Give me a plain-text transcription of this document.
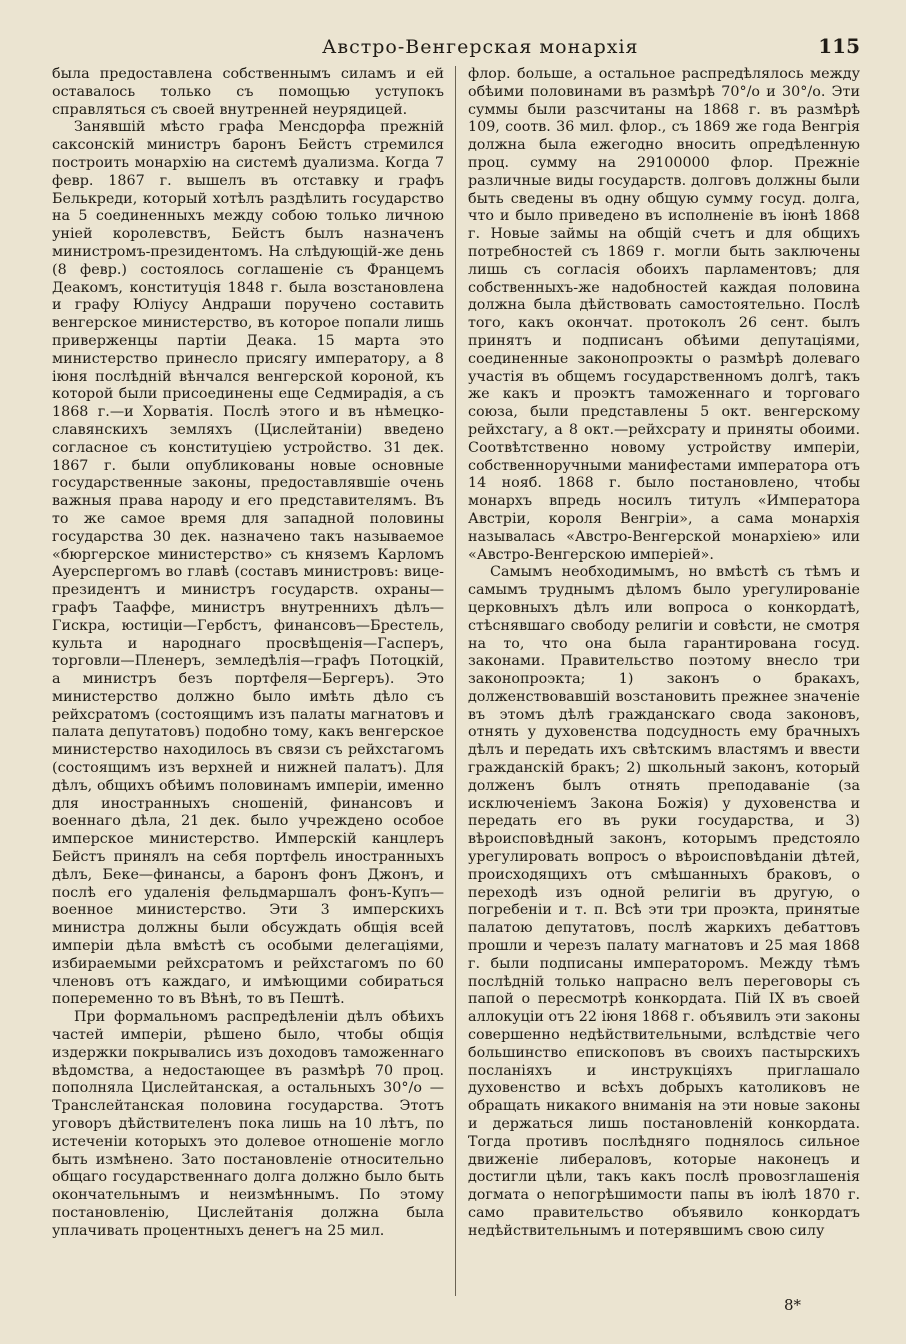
Австро-Венгерская монархія	115

была предоставлена собственнымъ силамъ и ей оставалось только съ помощью уступокъ справляться съ своей внутренней неурядицей.

Занявшій мѣсто графа Менсдорфа прежній саксонскій министръ баронъ Бейстъ стремился построить монархію на системѣ дуализма. Когда 7 февр. 1867 г. вышелъ въ отставку и графъ Белькреди, который хотѣлъ раздѣлить государство на 5 соединенныхъ между собою только личною уніей королевствъ, Бейстъ былъ назначенъ министромъ-президентомъ. На слѣдующій-же день (8 февр.) состоялось соглашеніе съ Францемъ Деакомъ, конституція 1848 г. была возстановлена и графу Юліусу Андраши поручено составить венгерское министерство, въ которое попали лишь приверженцы партіи Деака. 15 марта это министерство принесло присягу императору, а 8 іюня послѣдній вѣнчался венгерской короной, къ которой были присоединены еще Седмирадія, а съ 1868 г.—и Хорватія. Послѣ этого и въ нѣмецко-славянскихъ земляхъ (Цислейтаніи) введено согласное съ конституціею устройство. 31 дек. 1867 г. были опубликованы новые основные государственные законы, предоставлявшіе очень важныя права народу и его представителямъ. Въ то же самое время для западной половины государства 30 дек. назначено такъ называемое «бюргерское министерство» съ княземъ Карломъ Ауерспергомъ во главѣ (составъ министровъ: вице-президентъ и министръ государств. охраны—графъ Тааффе, министръ внутреннихъ дѣлъ—Гискра, юстиціи—Гербстъ, финансовъ—Брестель, культа и народнаго просвѣщенія—Гасперъ, торговли—Пленеръ, земледѣлія—графъ Потоцкій, а министръ безъ портфеля—Бергеръ). Это министерство должно было имѣть дѣло съ рейхсратомъ (состоящимъ изъ палаты магнатовъ и палата депутатовъ) подобно тому, какъ венгерское министерство находилось въ связи съ рейхстагомъ (состоящимъ изъ верхней и нижней палатъ). Для дѣлъ, общихъ обѣимъ половинамъ имперіи, именно для иностранныхъ сношеній, финансовъ и военнаго дѣла, 21 дек. было учреждено особое имперское министерство. Имперскій канцлеръ Бейстъ принялъ на себя портфель иностранныхъ дѣлъ, Беке—финансы, а баронъ фонъ Джонъ, и послѣ его удаленія фельдмаршалъ фонъ-Купъ—военное министерство. Эти 3 имперскихъ министра должны были обсуждать общія всей имперіи дѣла вмѣстѣ съ особыми делегаціями, избираемыми рейхсратомъ и рейхстагомъ по 60 членовъ отъ каждаго, и имѣющими собираться попеременно то въ Вѣнѣ, то въ Пештѣ.

При формальномъ распредѣленіи дѣлъ обѣихъ частей имперіи, рѣшено было, чтобы общія издержки покрывались изъ доходовъ таможеннаго вѣдомства, а недостающее въ размѣрѣ 70 проц. пополняла Цислейтанская, а остальныхъ 30°/о — Транслейтанская половина государства. Этотъ уговоръ дѣйствителенъ пока лишь на 10 лѣтъ, по истеченіи которыхъ это долевое отношеніе могло быть измѣнено. Зато постановленіе относительно общаго государственнаго долга должно было быть окончательнымъ и неизмѣннымъ. По этому постановленію, Цислейтанія должна была уплачивать процентныхъ денегъ на 25 мил.

флор. больше, а остальное распредѣлялось между обѣими половинами въ размѣрѣ 70°/о и 30°/о. Эти суммы были разсчитаны на 1868 г. въ размѣрѣ 109, соотв. 36 мил. флор., съ 1869 же года Венгрія должна была ежегодно вносить опредѣленную проц. сумму на 29100000 флор. Прежніе различные виды государств. долговъ должны были быть сведены въ одну общую сумму госуд. долга, что и было приведено въ исполненіе въ іюнѣ 1868 г. Новые займы на общій счетъ и для общихъ потребностей съ 1869 г. могли быть заключены лишь съ согласія обоихъ парламентовъ; для собственныхъ-же надобностей каждая половина должна была дѣйствовать самостоятельно. Послѣ того, какъ окончат. протоколъ 26 сент. былъ принятъ и подписанъ обѣими депутаціями, соединенные законопроэкты о размѣрѣ долеваго участія въ общемъ государственномъ долгѣ, такъ же какъ и проэктъ таможеннаго и торговаго союза, были представлены 5 окт. венгерскому рейхстагу, а 8 окт.—рейхсрату и приняты обоими. Соотвѣтственно новому устройству имперіи, собственноручными манифестами императора отъ 14 нояб. 1868 г. было постановлено, чтобы монархъ впредь носилъ титулъ «Императора Австріи, короля Венгріи», а сама монархія называлась «Австро-Венгерской монархіею» или «Австро-Венгерскою имперіей».

Самымъ необходимымъ, но вмѣстѣ съ тѣмъ и самымъ труднымъ дѣломъ было урегулированіе церковныхъ дѣлъ или вопроса о конкордатѣ, стѣснявшаго свободу религіи и совѣсти, не смотря на то, что она была гарантирована госуд. законами. Правительство поэтому внесло три законопроэкта; 1) законъ о бракахъ, долженствовавшій возстановить прежнее значеніе въ этомъ дѣлѣ гражданскаго свода законовъ, отнять у духовенства подсудность ему брачныхъ дѣлъ и передать ихъ свѣтскимъ властямъ и ввести гражданскій бракъ; 2) школьный законъ, который долженъ былъ отнять преподаваніе (за исключеніемъ Закона Божія) у духовенства и передать его въ руки государства, и 3) вѣроисповѣдный законъ, которымъ предстояло урегулировать вопросъ о вѣроисповѣданіи дѣтей, происходящихъ отъ смѣшанныхъ браковъ, о переходѣ изъ одной религіи въ другую, о погребеніи и т. п. Всѣ эти три проэкта, принятые палатою депутатовъ, послѣ жаркихъ дебаттовъ прошли и черезъ палату магнатовъ и 25 мая 1868 г. были подписаны императоромъ. Между тѣмъ послѣдній только напрасно велъ переговоры съ папой о пересмотрѣ конкордата. Пій IX въ своей аллокуціи отъ 22 іюня 1868 г. объявилъ эти законы совершенно недѣйствительными, вслѣдствіе чего большинство епископовъ въ своихъ пастырскихъ посланіяхъ и инструкціяхъ приглашало духовенство и всѣхъ добрыхъ католиковъ не обращать никакого вниманія на эти новые законы и держаться лишь постановленій конкордата. Тогда противъ послѣдняго поднялось сильное движеніе либераловъ, которые наконецъ и достигли цѣли, такъ какъ послѣ провозглашенія догмата о непогрѣшимости папы въ іюлѣ 1870 г. само правительство объявило конкордатъ недѣйствительнымъ и потерявшимъ свою силу

8*
